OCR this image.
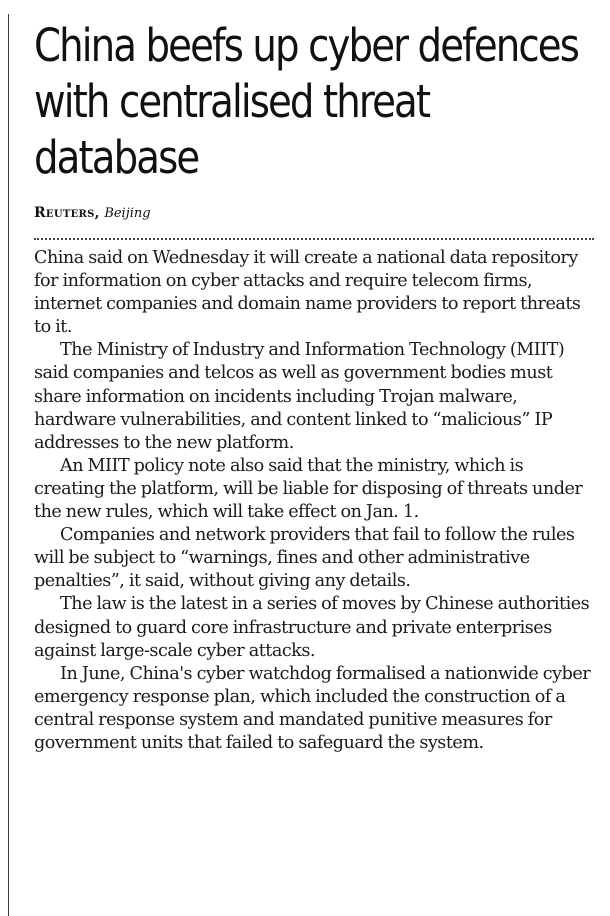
China beefs up cyber defences with centralised threat database
Reuters, Beijing

China said on Wednesday it will create a national data repository for information on cyber attacks and require telecom firms, internet companies and domain name providers to report threats to it.

The Ministry of Industry and Information Technology (MIIT) said companies and telcos as well as government bodies must share information on incidents including Trojan malware, hardware vulnerabilities, and content linked to “malicious” IP addresses to the new platform.

An MIIT policy note also said that the ministry, which is creating the platform, will be liable for disposing of threats under the new rules, which will take effect on Jan. 1.

Companies and network providers that fail to follow the rules will be subject to “warnings, fines and other administrative penalties”, it said, without giving any details.

The law is the latest in a series of moves by Chinese authorities designed to guard core infrastructure and private enterprises against large-scale cyber attacks.

In June, China's cyber watchdog formalised a nationwide cyber emergency response plan, which included the construction of a central response system and mandated punitive measures for government units that failed to safeguard the system.
